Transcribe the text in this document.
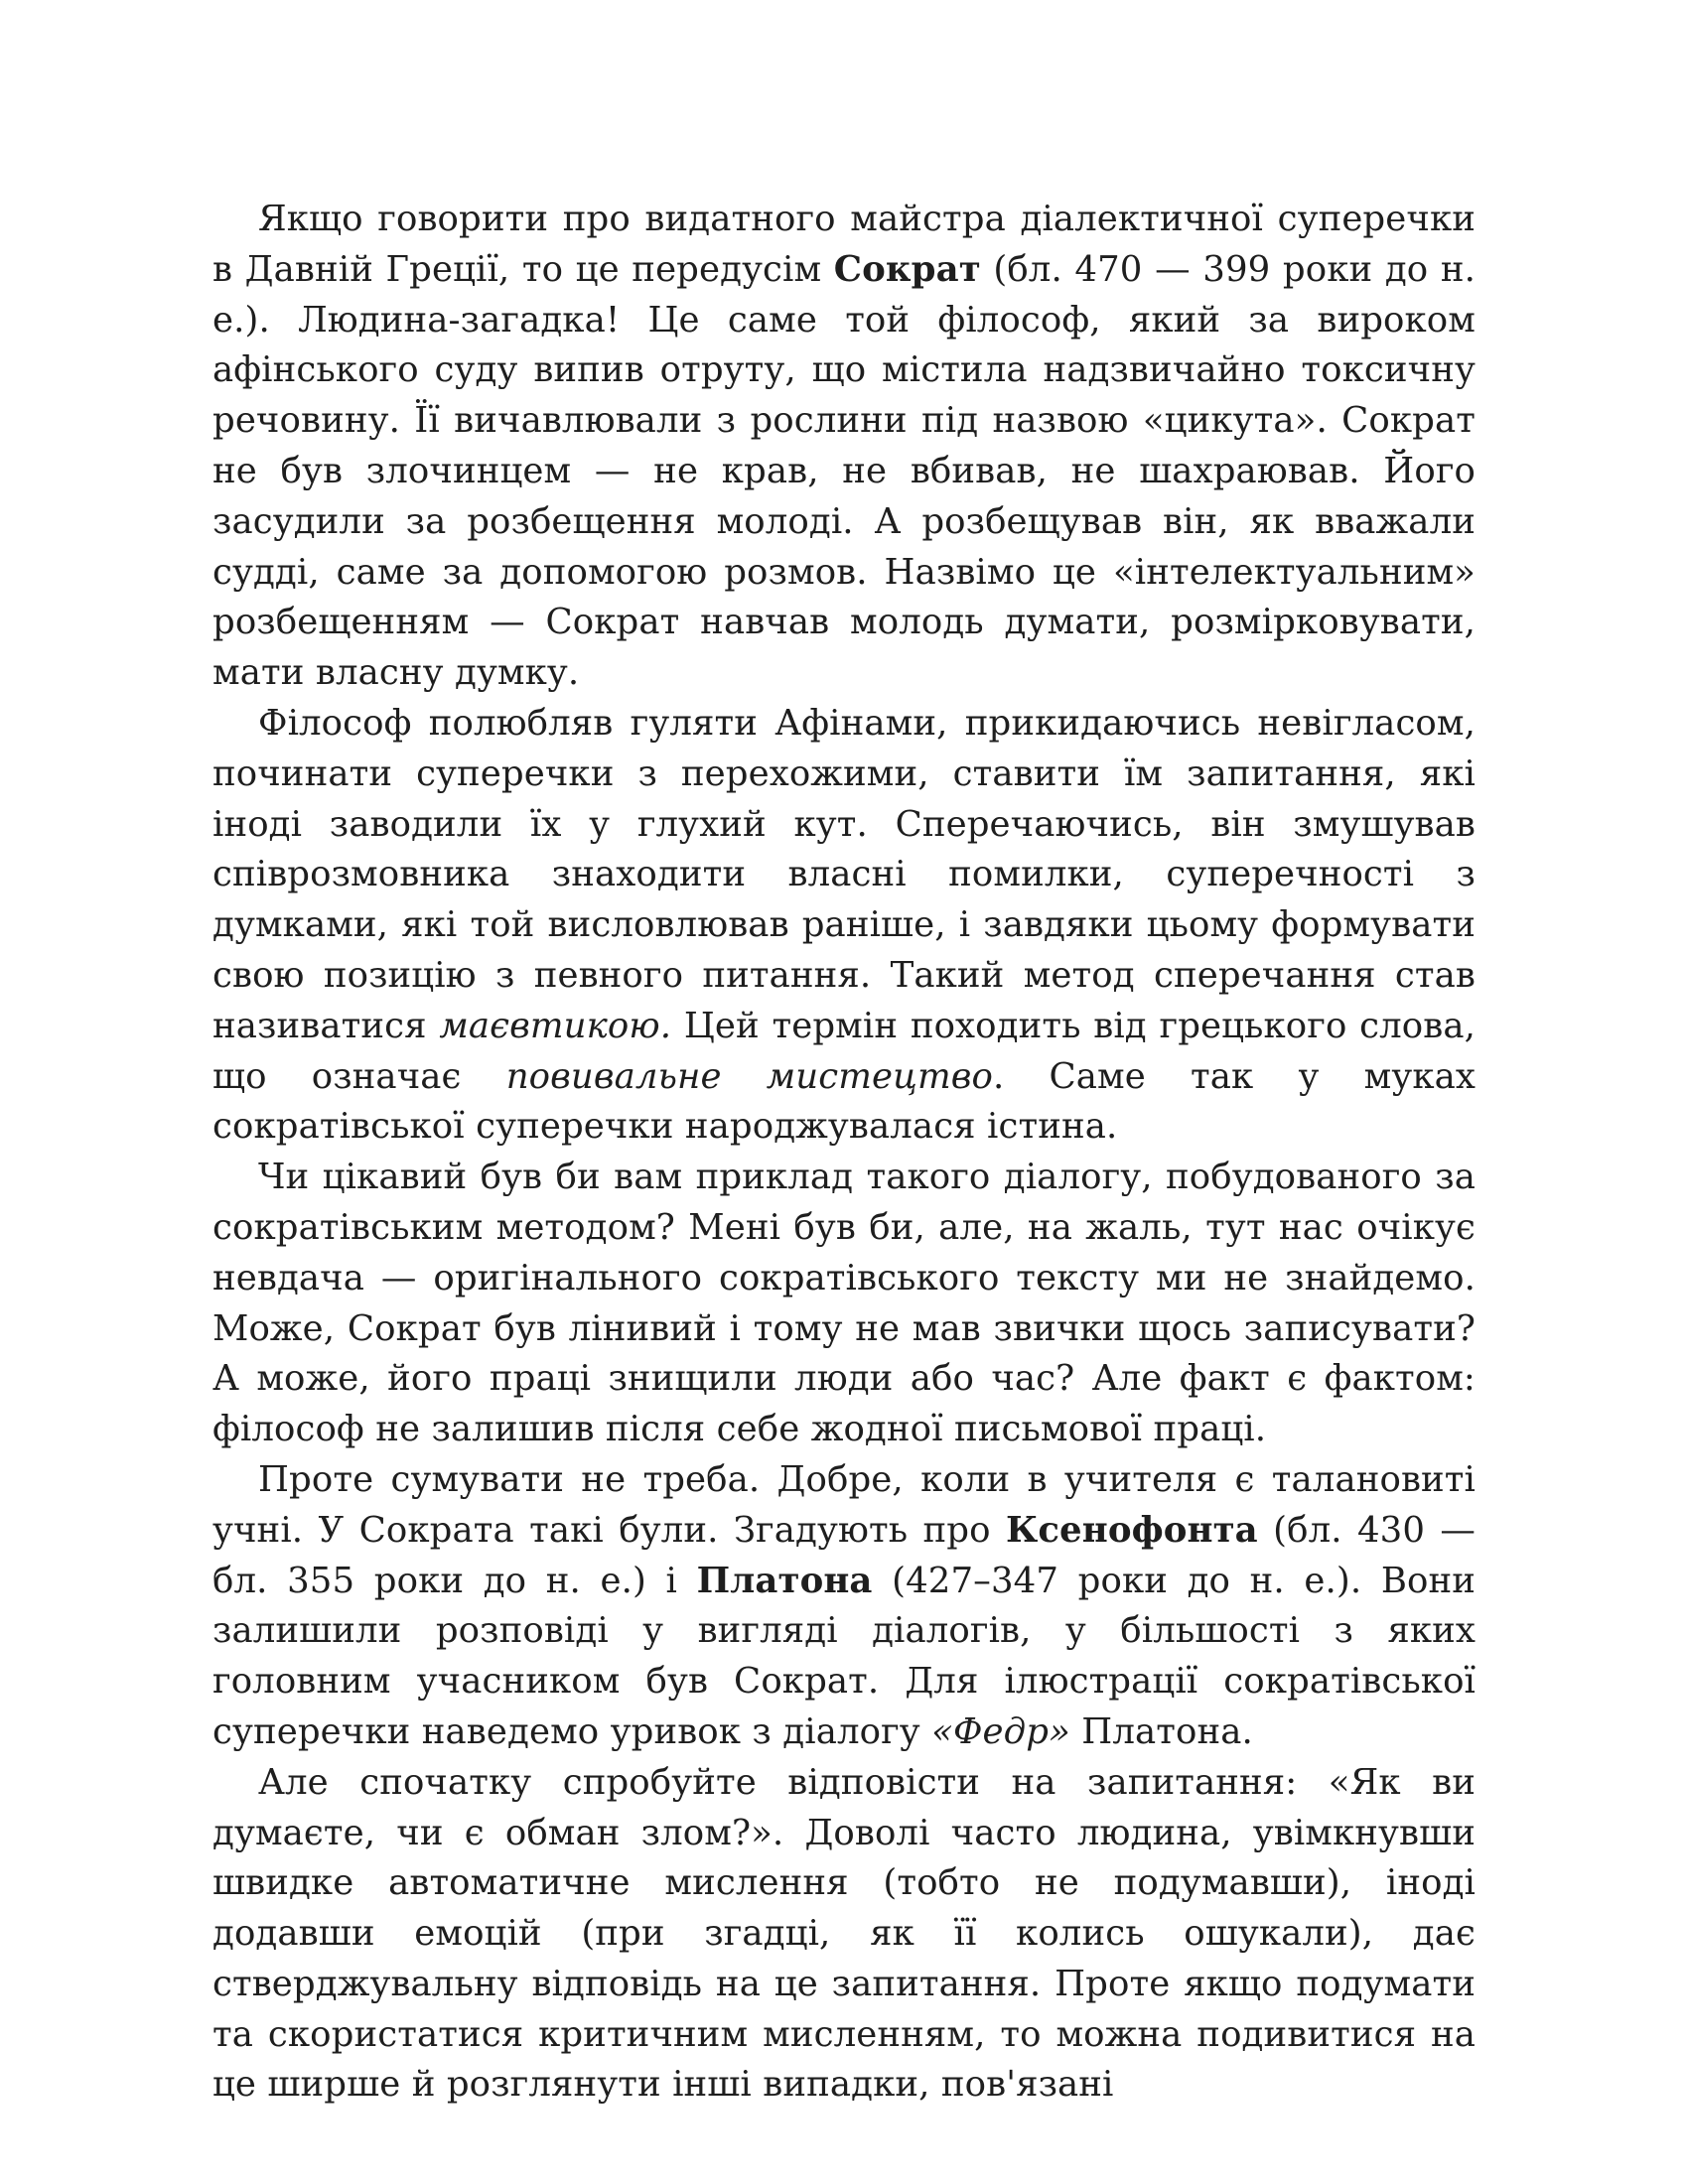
Якщо говорити про видатного майстра діалектичної суперечки в Давній Греції, то це передусім Сократ (бл. 470 — 399 роки до н. е.). Людина-загадка! Це саме той філософ, який за вироком афінського суду випив отруту, що містила надзвичайно токсичну речовину. Її вичавлювали з рослини під назвою «цикута». Сократ не був злочинцем — не крав, не вбивав, не шахраював. Його засудили за розбещення молоді. А розбещував він, як вважали судді, саме за допомогою розмов. Назвімо це «інтелектуальним» розбещенням — Сократ навчав молодь думати, розмірковувати, мати власну думку.

Філософ полюбляв гуляти Афінами, прикидаючись невігласом, починати суперечки з перехожими, ставити їм запитання, які іноді заводили їх у глухий кут. Сперечаючись, він змушував співрозмовника знаходити власні помилки, суперечності з думками, які той висловлював раніше, і завдяки цьому формувати свою позицію з певного питання. Такий метод сперечання став називатися маєвтикою. Цей термін походить від грецького слова, що означає повивальне мистецтво. Саме так у муках сократівської суперечки народжувалася істина.

Чи цікавий був би вам приклад такого діалогу, побудованого за сократівським методом? Мені був би, але, на жаль, тут нас очікує невдача — оригінального сократівського тексту ми не знайдемо. Може, Сократ був лінивий і тому не мав звички щось записувати? А може, його праці знищили люди або час? Але факт є фактом: філософ не залишив після себе жодної письмової праці.

Проте сумувати не треба. Добре, коли в учителя є талановиті учні. У Сократа такі були. Згадують про Ксенофонта (бл. 430 — бл. 355 роки до н. е.) і Платона (427–347 роки до н. е.). Вони залишили розповіді у вигляді діалогів, у більшості з яких головним учасником був Сократ. Для ілюстрації сократівської суперечки наведемо уривок з діалогу «Федр» Платона.

Але спочатку спробуйте відповісти на запитання: «Як ви думаєте, чи є обман злом?». Доволі часто людина, увімкнувши швидке автоматичне мислення (тобто не подумавши), іноді додавши емоцій (при згадці, як її колись ошукали), дає стверджувальну відповідь на це запитання. Проте якщо подумати та скористатися критичним мисленням, то можна подивитися на це ширше й розглянути інші випадки, пов'язані
